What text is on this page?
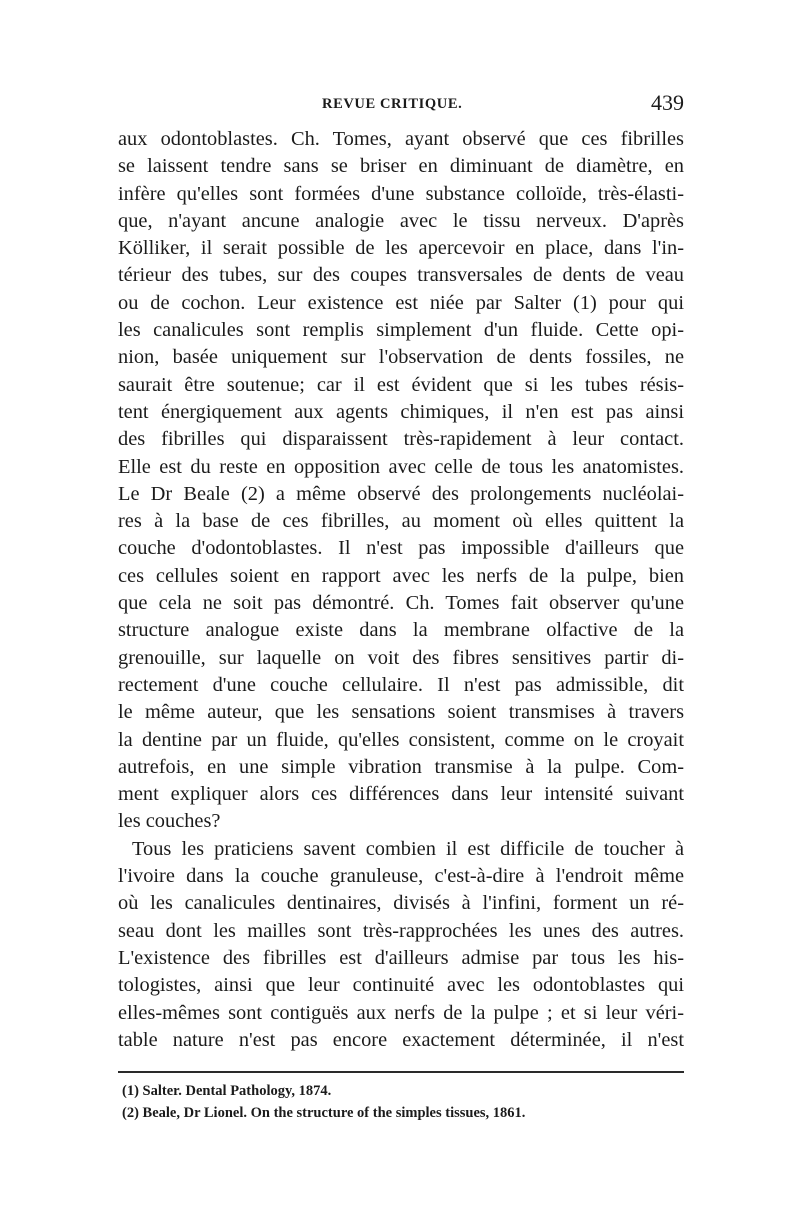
REVUE CRITIQUE.	439
aux odontoblastes. Ch. Tomes, ayant observé que ces fibrilles
se laissent tendre sans se briser en diminuant de diamètre, en
infère qu'elles sont formées d'une substance colloïde, très-élasti-
que, n'ayant ancune analogie avec le tissu nerveux. D'après
Kölliker, il serait possible de les apercevoir en place, dans l'in-
térieur des tubes, sur des coupes transversales de dents de veau
ou de cochon. Leur existence est niée par Salter (1) pour qui
les canalicules sont remplis simplement d'un fluide. Cette opi-
nion, basée uniquement sur l'observation de dents fossiles, ne
saurait être soutenue; car il est évident que si les tubes résis-
tent énergiquement aux agents chimiques, il n'en est pas ainsi
des fibrilles qui disparaissent très-rapidement à leur contact.
Elle est du reste en opposition avec celle de tous les anatomistes.
Le Dr Beale (2) a même observé des prolongements nucléolai-
res à la base de ces fibrilles, au moment où elles quittent la
couche d'odontoblastes. Il n'est pas impossible d'ailleurs que
ces cellules soient en rapport avec les nerfs de la pulpe, bien
que cela ne soit pas démontré. Ch. Tomes fait observer qu'une
structure analogue existe dans la membrane olfactive de la
grenouille, sur laquelle on voit des fibres sensitives partir di-
rectement d'une couche cellulaire. Il n'est pas admissible, dit
le même auteur, que les sensations soient transmises à travers
la dentine par un fluide, qu'elles consistent, comme on le croyait
autrefois, en une simple vibration transmise à la pulpe. Com-
ment expliquer alors ces différences dans leur intensité suivant
les couches?
Tous les praticiens savent combien il est difficile de toucher à
l'ivoire dans la couche granuleuse, c'est-à-dire à l'endroit même
où les canalicules dentinaires, divisés à l'infini, forment un ré-
seau dont les mailles sont très-rapprochées les unes des autres.
L'existence des fibrilles est d'ailleurs admise par tous les his-
tologistes, ainsi que leur continuité avec les odontoblastes qui
elles-mêmes sont contiguës aux nerfs de la pulpe ; et si leur véri-
table nature n'est pas encore exactement déterminée, il n'est
(1) Salter. Dental Pathology, 1874.
(2) Beale, Dr Lionel. On the structure of the simples tissues, 1861.
